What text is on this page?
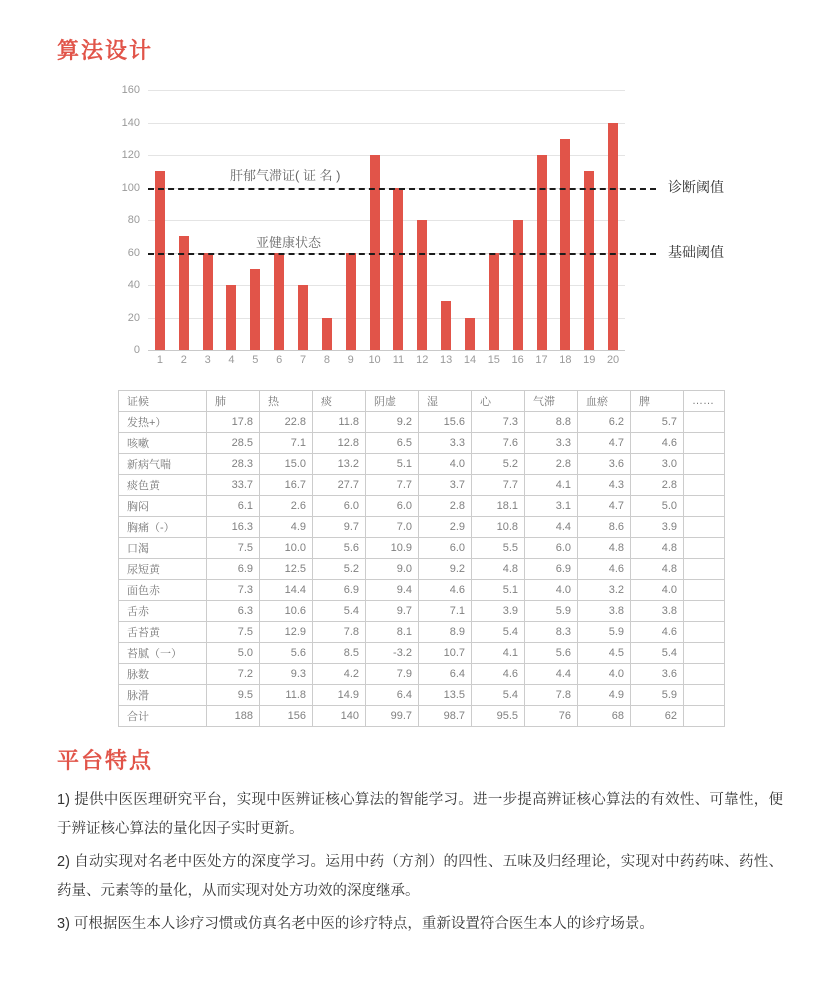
算法设计
肝郁气滞证( 证 名 )
亚健康状态
0
20
40
60
80
100
120
140
160
1	2	3	4	5	6	7	8	9	10	11	12	13	14	15	16	17	18	19	20
诊断阈值
基础阈值
证候	肺	热	痰	阴虚	湿	心	气滞	血瘀	脾	……
发热+）	17.8	22.8	11.8	9.2	15.6	7.3	8.8	6.2	5.7	
咳嗽	28.5	7.1	12.8	6.5	3.3	7.6	3.3	4.7	4.6	
新病气喘	28.3	15.0	13.2	5.1	4.0	5.2	2.8	3.6	3.0	
痰色黄	33.7	16.7	27.7	7.7	3.7	7.7	4.1	4.3	2.8	
胸闷	6.1	2.6	6.0	6.0	2.8	18.1	3.1	4.7	5.0	
胸痛（-）	16.3	4.9	9.7	7.0	2.9	10.8	4.4	8.6	3.9	
口渴	7.5	10.0	5.6	10.9	6.0	5.5	6.0	4.8	4.8	
尿短黄	6.9	12.5	5.2	9.0	9.2	4.8	6.9	4.6	4.8	
面色赤	7.3	14.4	6.9	9.4	4.6	5.1	4.0	3.2	4.0	
舌赤	6.3	10.6	5.4	9.7	7.1	3.9	5.9	3.8	3.8	
舌苔黄	7.5	12.9	7.8	8.1	8.9	5.4	8.3	5.9	4.6	
苔腻（一）	5.0	5.6	8.5	-3.2	10.7	4.1	5.6	4.5	5.4	
脉数	7.2	9.3	4.2	7.9	6.4	4.6	4.4	4.0	3.6	
脉滑	9.5	11.8	14.9	6.4	13.5	5.4	7.8	4.9	5.9	
合计	188	156	140	99.7	98.7	95.5	76	68	62	
平台特点

1) 提供中医医理研究平台，实现中医辨证核心算法的智能学习。进一步提高辨证核心算法的有效性、可靠性，便于辨证核心算法的量化因子实时更新。

2) 自动实现对名老中医处方的深度学习。运用中药（方剂）的四性、五味及归经理论，实现对中药药味、药性、药量、元素等的量化，从而实现对处方功效的深度继承。

3) 可根据医生本人诊疗习惯或仿真名老中医的诊疗特点，重新设置符合医生本人的诊疗场景。
